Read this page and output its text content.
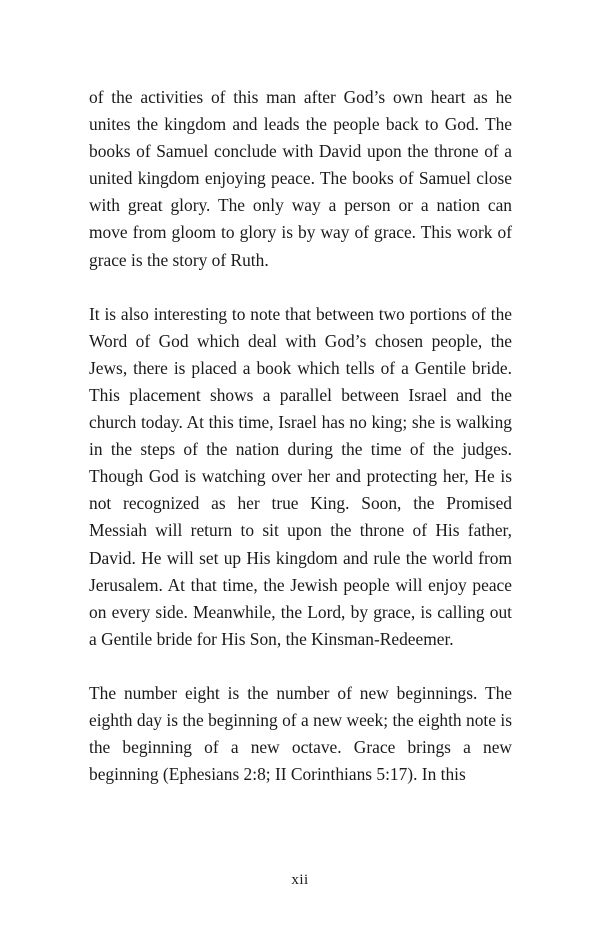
of the activities of this man after God’s own heart as he unites the kingdom and leads the people back to God. The books of Samuel conclude with David upon the throne of a united kingdom enjoying peace. The books of Samuel close with great glory. The only way a person or a nation can move from gloom to glory is by way of grace. This work of grace is the story of Ruth.

It is also interesting to note that between two portions of the Word of God which deal with God’s chosen people, the Jews, there is placed a book which tells of a Gentile bride. This placement shows a parallel between Israel and the church today. At this time, Israel has no king; she is walking in the steps of the nation during the time of the judges. Though God is watching over her and protecting her, He is not recognized as her true King. Soon, the Promised Messiah will return to sit upon the throne of His father, David. He will set up His kingdom and rule the world from Jerusalem. At that time, the Jewish people will enjoy peace on every side. Meanwhile, the Lord, by grace, is calling out a Gentile bride for His Son, the Kinsman-Redeemer.

The number eight is the number of new beginnings. The eighth day is the beginning of a new week; the eighth note is the beginning of a new octave. Grace brings a new beginning (Ephesians 2:8; II Corinthians 5:17). In this

xii
